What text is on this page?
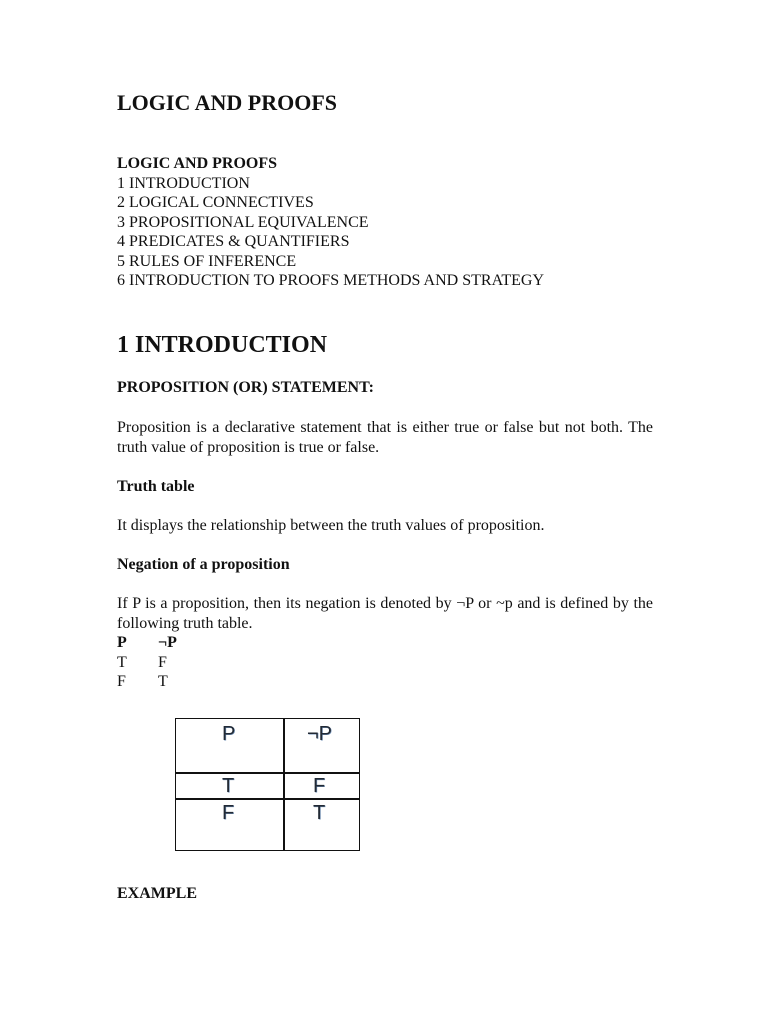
LOGIC AND PROOFS
LOGIC AND PROOFS
1 INTRODUCTION
2 LOGICAL CONNECTIVES
3 PROPOSITIONAL EQUIVALENCE
4 PREDICATES & QUANTIFIERS
5 RULES OF INFERENCE
6 INTRODUCTION TO PROOFS METHODS AND STRATEGY
1 INTRODUCTION
PROPOSITION (OR) STATEMENT:

Proposition is a declarative statement that is either true or false but not both. The truth value of proposition is true or false.

Truth table

It displays the relationship between the truth values of proposition.

Negation of a proposition

If P is a proposition, then its negation is denoted by ¬P or ~p and is defined by the following truth table.

P	¬P
T	F
F	T
EXAMPLE
P	¬P
T	F
F	T
